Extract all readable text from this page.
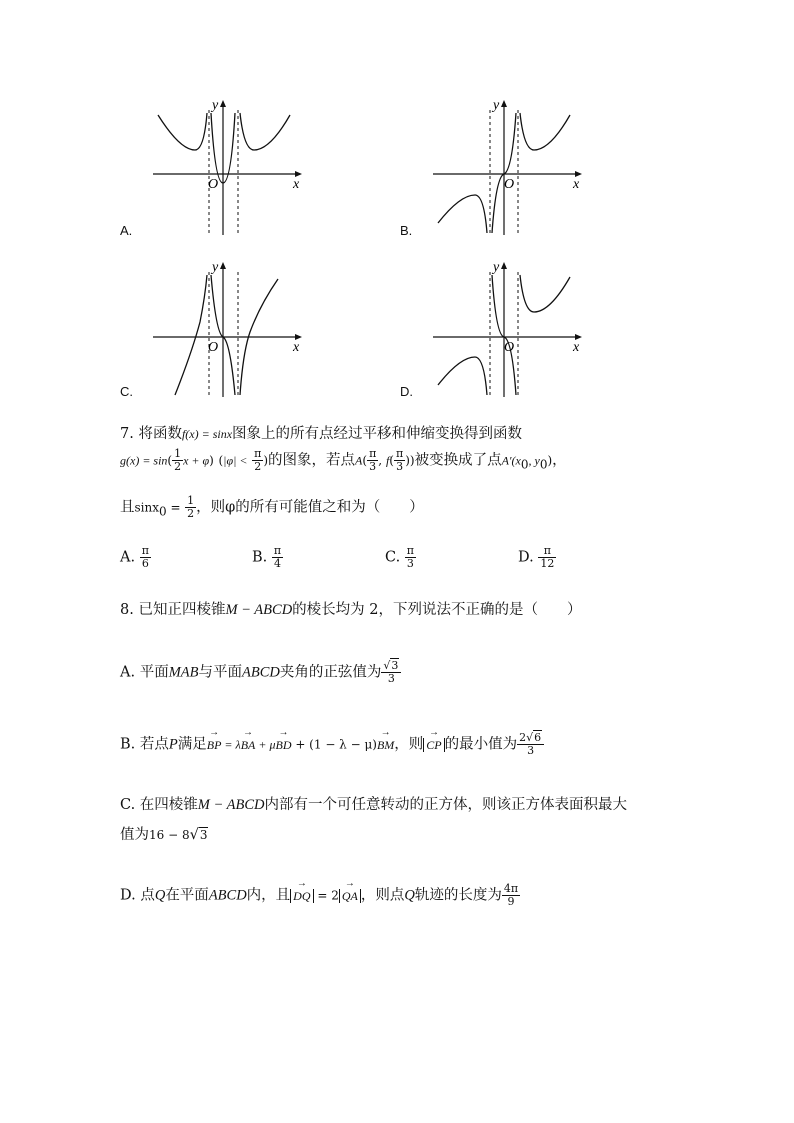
y
x
O
A.
y
x
O
B.
y
x
O
C.
y
x
O
D.
7. 将函数f(x) = sinx图象上的所有点经过平移和伸缩变换得到函数
$g(x) = \sin( \frac{1}{2}$ x + φ) ($|\varphi| < \frac{\pi}{2}$ )的图象，若点$A( \frac{\pi}{3}$ , $f( \frac{\pi}{3}$ ))被变换成了点$A'(x_0$, $y_0$)，
且$\sin x_0 = \frac{1}{2}$ ，则φ的所有可能值之和为（　　）
A. $\frac{\pi}{6}$	B. $\frac{\pi}{4}$	C. $\frac{\pi}{3}$	D. $\frac{\pi}{12}$
8. 已知正四棱锥M − ABCD的棱长均为 2，下列说法不正确的是（　　）
A. 平面MAB与平面ABCD夹角的正弦值为 $\frac{√3}{3}$
B. 若点P满足BP → = λBA → + μBD → + (1 − λ − μ)BM →，则 CP → 的最小值为 $\frac{2√6}{3}$
C. 在四棱锥M − ABCD内部有一个可任意转动的正方体，则该正方体表面积最大
值为16 − 8√3
D. 点Q在平面ABCD内，且 DQ → = 2 QA → ，则点Q轨迹的长度为 $\frac{4\pi}{9}$
